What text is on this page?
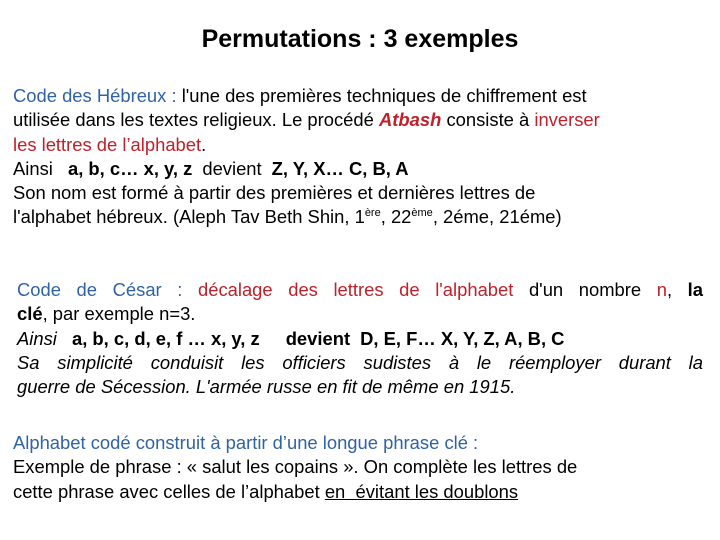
Permutations : 3 exemples
Code des Hébreux : l'une des premières techniques de chiffrement est
utilisée dans les textes religieux. Le procédé Atbash consiste à inverser
les lettres de l’alphabet.
Ainsi a, b, c… x, y, z devient Z, Y, X… C, B, A
Son nom est formé à partir des premières et dernières lettres de
l'alphabet hébreux. (Aleph Tav Beth Shin, 1ère, 22ème, 2éme, 21éme)
Code de César : décalage des lettres de l'alphabet d'un nombre n, la
clé, par exemple n=3.
Ainsi a, b, c, d, e, f … x, y, z devient D, E, F… X, Y, Z, A, B, C
Sa simplicité conduisit les officiers sudistes à le réemployer durant la
guerre de Sécession. L'armée russe en fit de même en 1915.
Alphabet codé construit à partir d’une longue phrase clé :
Exemple de phrase : « salut les copains ». On complète les lettres de
cette phrase avec celles de l’alphabet en  évitant les doublons
